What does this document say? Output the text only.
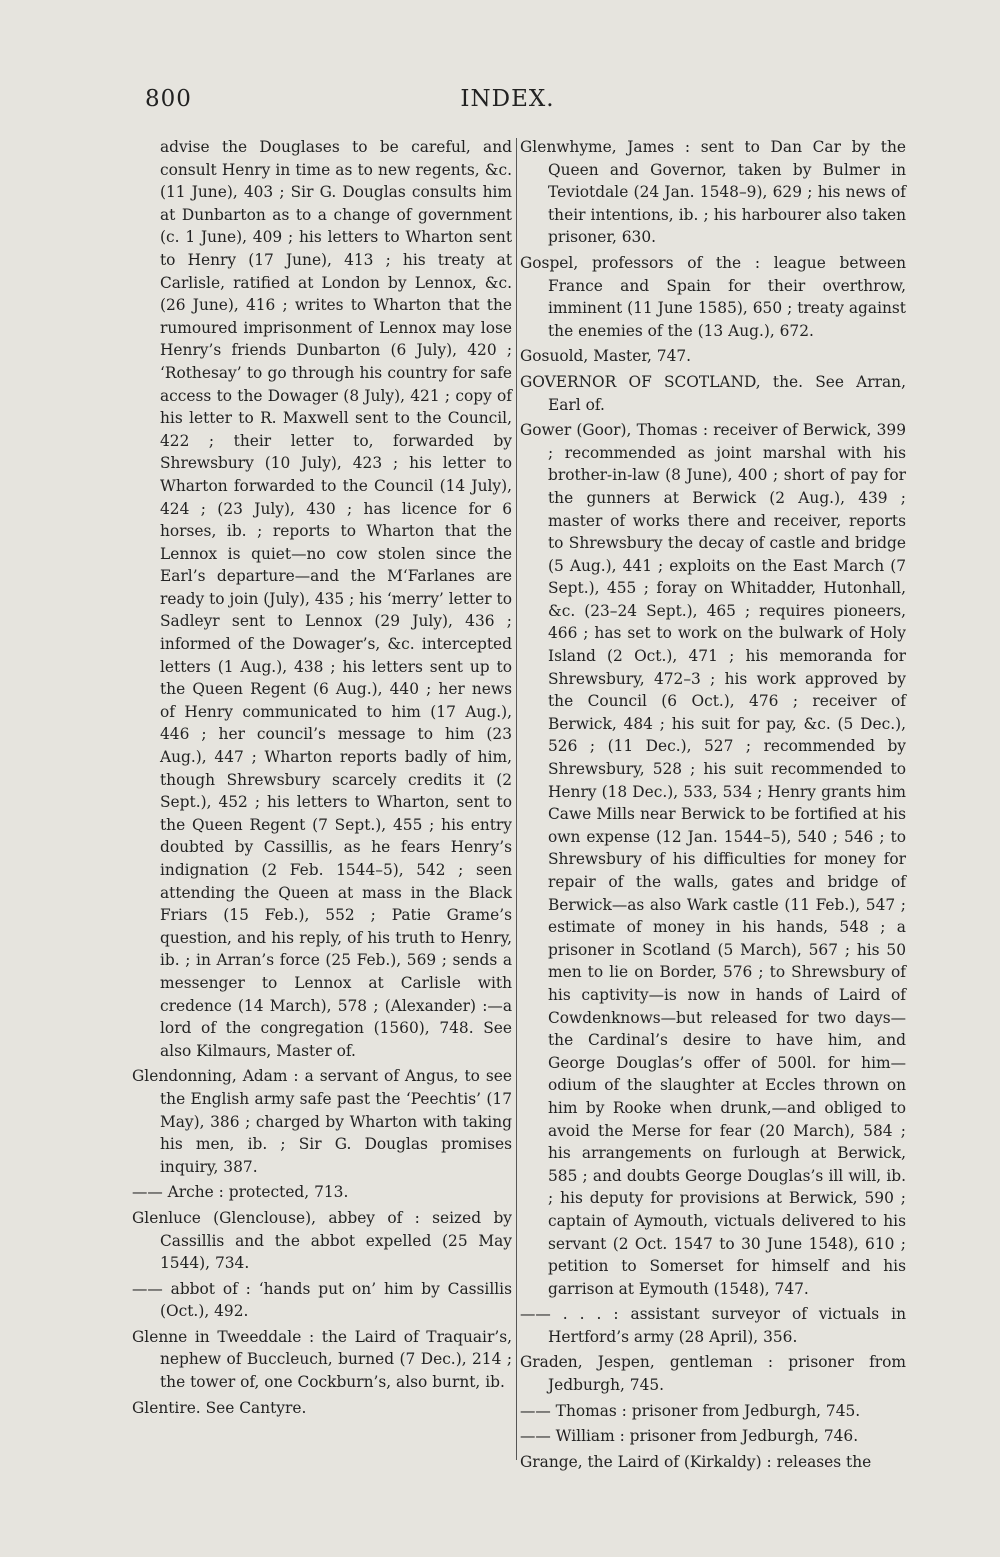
800	INDEX.

advise the Douglases to be careful, and consult Henry in time as to new regents, &c. (11 June), 403 ; Sir G. Douglas consults him at Dunbarton as to a change of government (c. 1 June), 409 ; his letters to Wharton sent to Henry (17 June), 413 ; his treaty at Carlisle, ratified at London by Lennox, &c. (26 June), 416 ; writes to Wharton that the rumoured imprisonment of Lennox may lose Henry’s friends Dunbarton (6 July), 420 ; ‘Rothesay’ to go through his country for safe access to the Dowager (8 July), 421 ; copy of his letter to R. Maxwell sent to the Council, 422 ; their letter to, forwarded by Shrewsbury (10 July), 423 ; his letter to Wharton forwarded to the Council (14 July), 424 ; (23 July), 430 ; has licence for 6 horses, ib. ; reports to Wharton that the Lennox is quiet—no cow stolen since the Earl’s departure—and the M‘Farlanes are ready to join (July), 435 ; his ‘merry’ letter to Sadleyr sent to Lennox (29 July), 436 ; informed of the Dowager’s, &c. intercepted letters (1 Aug.), 438 ; his letters sent up to the Queen Regent (6 Aug.), 440 ; her news of Henry communicated to him (17 Aug.), 446 ; her council’s message to him (23 Aug.), 447 ; Wharton reports badly of him, though Shrewsbury scarcely credits it (2 Sept.), 452 ; his letters to Wharton, sent to the Queen Regent (7 Sept.), 455 ; his entry doubted by Cassillis, as he fears Henry’s indignation (2 Feb. 1544–5), 542 ; seen attending the Queen at mass in the Black Friars (15 Feb.), 552 ; Patie Grame’s question, and his reply, of his truth to Henry, ib. ; in Arran’s force (25 Feb.), 569 ; sends a messenger to Lennox at Carlisle with credence (14 March), 578 ; (Alexander) :—a lord of the congregation (1560), 748. See also Kilmaurs, Master of.

Glendonning, Adam : a servant of Angus, to see the English army safe past the ‘Peechtis’ (17 May), 386 ; charged by Wharton with taking his men, ib. ; Sir G. Douglas promises inquiry, 387.

—— Arche : protected, 713.

Glenluce (Glenclouse), abbey of : seized by Cassillis and the abbot expelled (25 May 1544), 734.

—— abbot of : ‘hands put on’ him by Cassillis (Oct.), 492.

Glenne in Tweeddale : the Laird of Traquair’s, nephew of Buccleuch, burned (7 Dec.), 214 ; the tower of, one Cockburn’s, also burnt, ib.

Glentire. See Cantyre.

Glenwhyme, James : sent to Dan Car by the Queen and Governor, taken by Bulmer in Teviotdale (24 Jan. 1548–9), 629 ; his news of their intentions, ib. ; his harbourer also taken prisoner, 630.

Gospel, professors of the : league between France and Spain for their overthrow, imminent (11 June 1585), 650 ; treaty against the enemies of the (13 Aug.), 672.

Gosuold, Master, 747.

GOVERNOR OF SCOTLAND, the. See Arran, Earl of.

Gower (Goor), Thomas : receiver of Berwick, 399 ; recommended as joint marshal with his brother-in-law (8 June), 400 ; short of pay for the gunners at Berwick (2 Aug.), 439 ; master of works there and receiver, reports to Shrewsbury the decay of castle and bridge (5 Aug.), 441 ; exploits on the East March (7 Sept.), 455 ; foray on Whitadder, Hutonhall, &c. (23–24 Sept.), 465 ; requires pioneers, 466 ; has set to work on the bulwark of Holy Island (2 Oct.), 471 ; his memoranda for Shrewsbury, 472–3 ; his work approved by the Council (6 Oct.), 476 ; receiver of Berwick, 484 ; his suit for pay, &c. (5 Dec.), 526 ; (11 Dec.), 527 ; recommended by Shrewsbury, 528 ; his suit recommended to Henry (18 Dec.), 533, 534 ; Henry grants him Cawe Mills near Berwick to be fortified at his own expense (12 Jan. 1544–5), 540 ; 546 ; to Shrewsbury of his difficulties for money for repair of the walls, gates and bridge of Berwick—as also Wark castle (11 Feb.), 547 ; estimate of money in his hands, 548 ; a prisoner in Scotland (5 March), 567 ; his 50 men to lie on Border, 576 ; to Shrewsbury of his captivity—is now in hands of Laird of Cowdenknows—but released for two days—the Cardinal’s desire to have him, and George Douglas’s offer of 500l. for him—odium of the slaughter at Eccles thrown on him by Rooke when drunk,—and obliged to avoid the Merse for fear (20 March), 584 ; his arrangements on furlough at Berwick, 585 ; and doubts George Douglas’s ill will, ib. ; his deputy for provisions at Berwick, 590 ; captain of Aymouth, victuals delivered to his servant (2 Oct. 1547 to 30 June 1548), 610 ; petition to Somerset for himself and his garrison at Eymouth (1548), 747.

—— . . . : assistant surveyor of victuals in Hertford’s army (28 April), 356.

Graden, Jespen, gentleman : prisoner from Jedburgh, 745.

—— Thomas : prisoner from Jedburgh, 745.

—— William : prisoner from Jedburgh, 746.

Grange, the Laird of (Kirkaldy) : releases the
